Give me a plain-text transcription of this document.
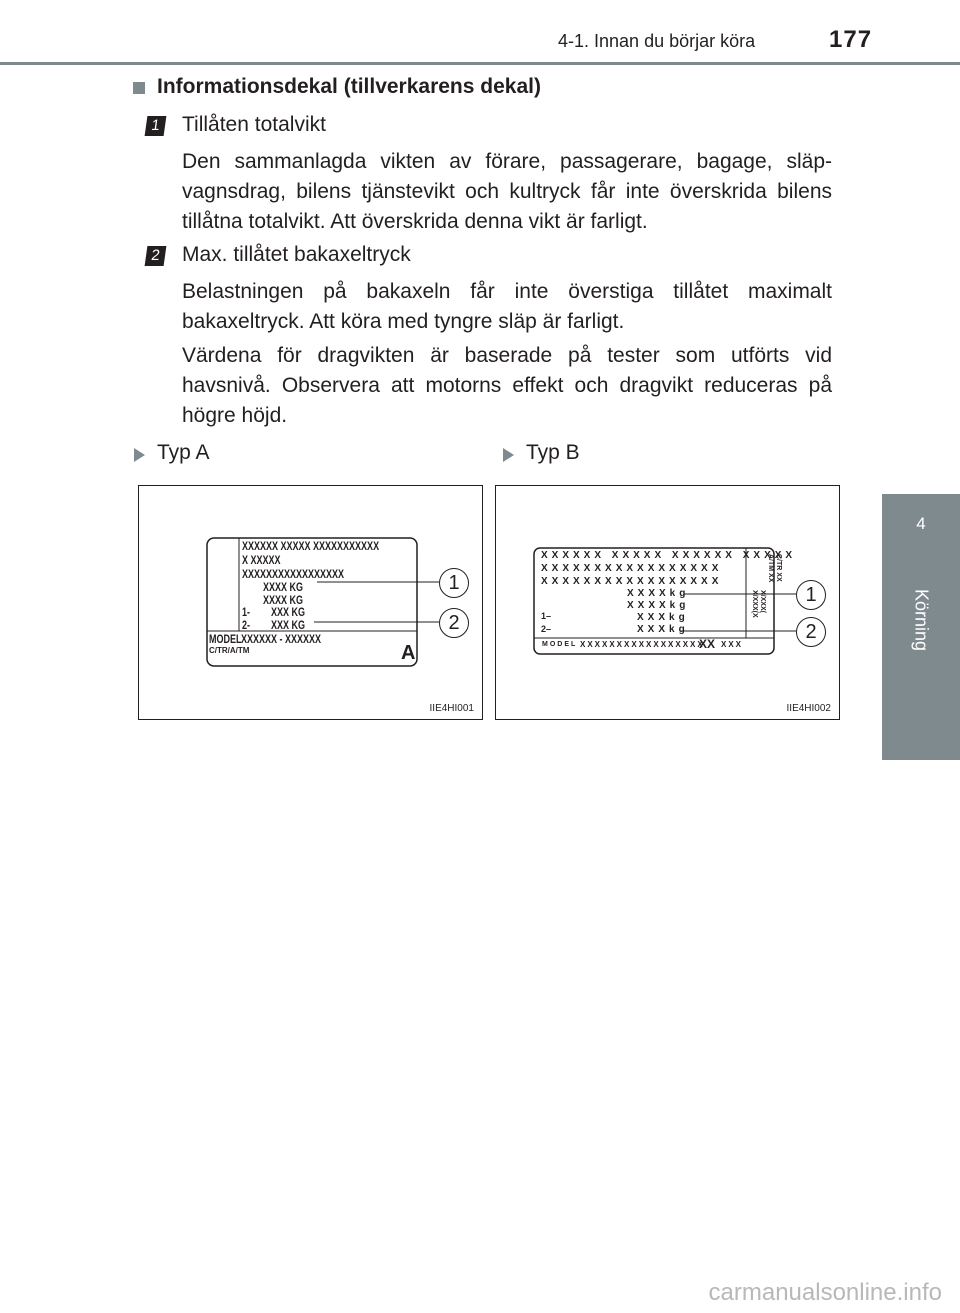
4-1. Innan du börjar köra	177
4
Körning
Informationsdekal (tillverkarens dekal)
1 Tillåten totalvikt
Den sammanlagda vikten av förare, passagerare, bagage, släp-vagnsdrag, bilens tjänstevikt och kultryck får inte överskrida bilens tillåtna totalvikt. Att överskrida denna vikt är farligt.
2 Max. tillåtet bakaxeltryck
Belastningen på bakaxeln får inte överstiga tillåtet maximalt bakaxeltryck. Att köra med tyngre släp är farligt.
Värdena för dragvikten är baserade på tester som utförts vid havsnivå. Observera att motorns effekt och dragvikt reduceras på högre höjd.
Typ A	Typ B
XXXXXX XXXXX XXXXXXXXXXX
X XXXXX
XXXXXXXXXXXXXXXXX
XXXX KG
XXXX KG
1- XXX KG
2- XXX KG
MODEL XXXXXX - XXXXXX
C/TR/A/TM	A
1
2
IIE4HI001
XXXXXX XXXXX XXXXXX XXXXX
XXXXXXXXXXXXXXXXX
XXXXXXXXXXXXXXXXX
XXXXkg
XXXXkg
1–	XXXkg
2–	XXXkg
MODEL XXXXXXXXXXXXXXXXX
XX XXX
C/TR XX
A/TM XX
X/XXX(
X/XXX(X	1
2
IIE4HI002
carmanualsonline.info
